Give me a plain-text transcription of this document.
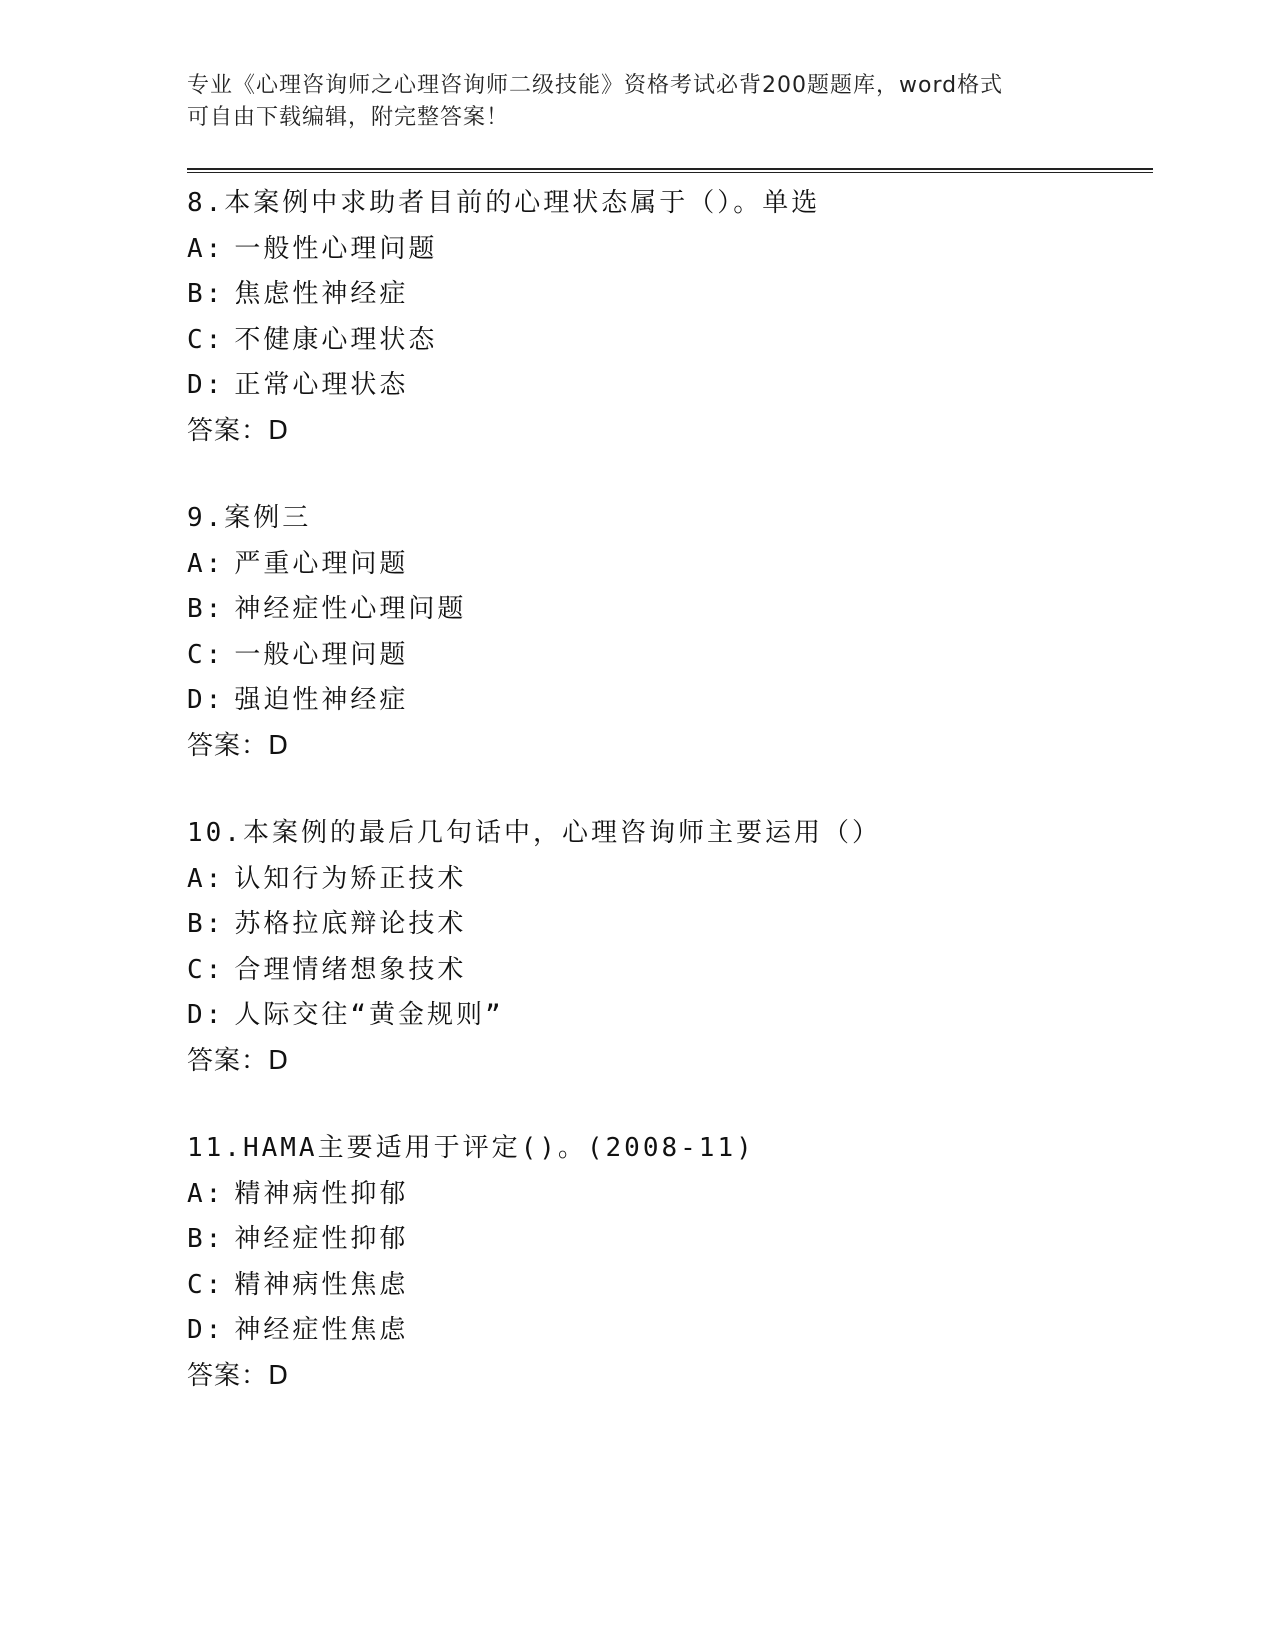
专业《心理咨询师之心理咨询师二级技能》资格考试必背200题题库，word格式
可自由下载编辑，附完整答案！
8.本案例中求助者目前的心理状态属于（）。单选
A: 一般性心理问题
B: 焦虑性神经症
C: 不健康心理状态
D: 正常心理状态
答案：D
9.案例三
A: 严重心理问题
B: 神经症性心理问题
C: 一般心理问题
D: 强迫性神经症
答案：D
10.本案例的最后几句话中，心理咨询师主要运用（）
A: 认知行为矫正技术
B: 苏格拉底辩论技术
C: 合理情绪想象技术
D: 人际交往“黄金规则”
答案：D
11.HAMA主要适用于评定()。(2008-11)
A: 精神病性抑郁
B: 神经症性抑郁
C: 精神病性焦虑
D: 神经症性焦虑
答案：D
